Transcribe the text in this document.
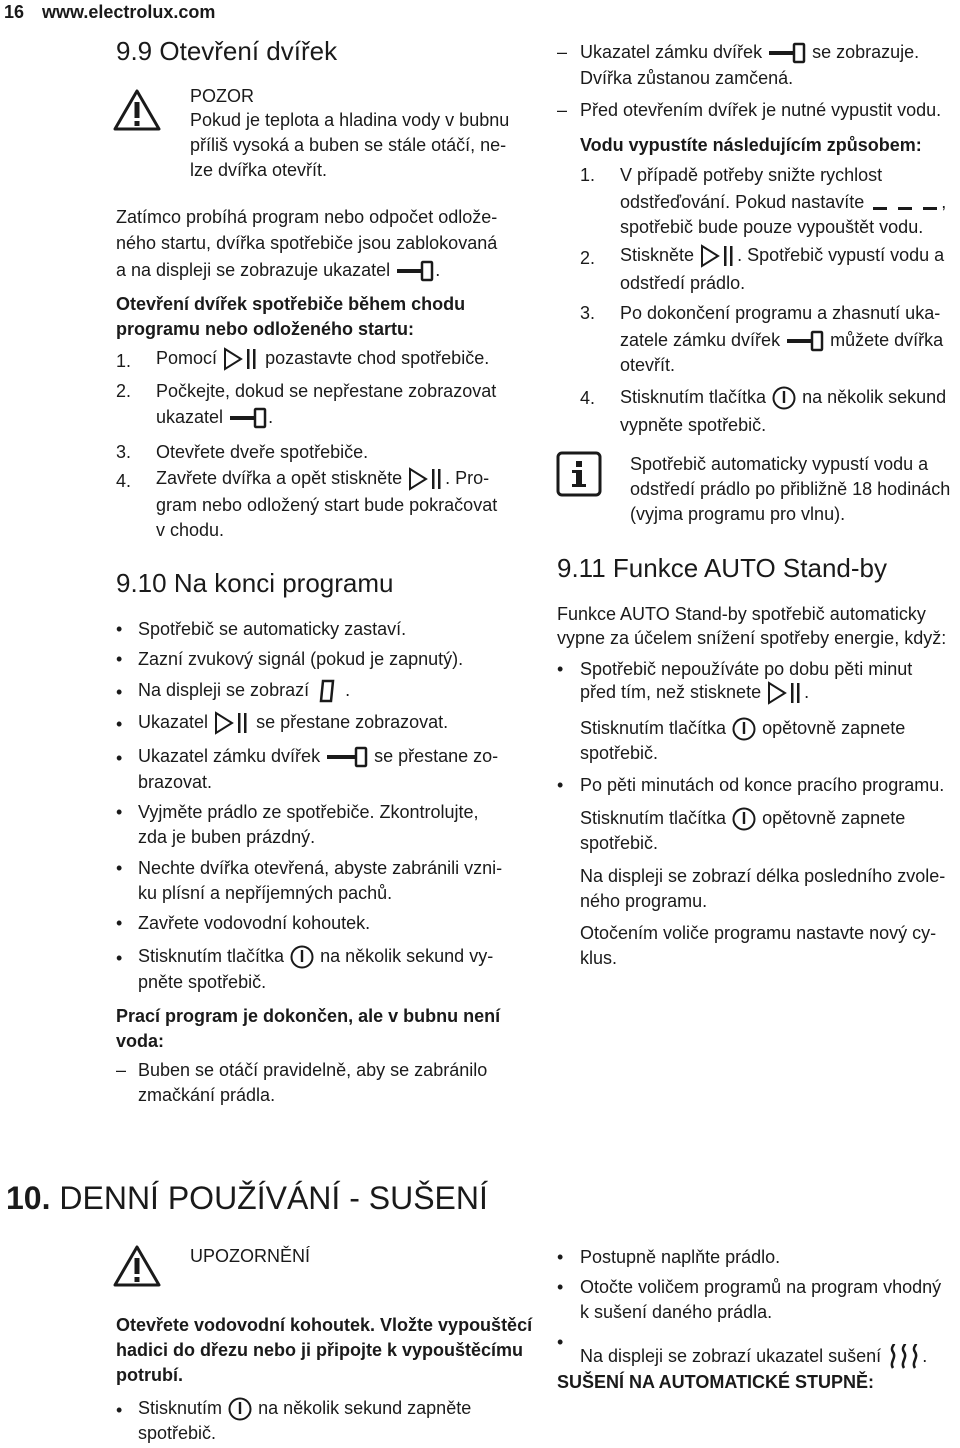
16 www.electrolux.com
9.9 Otevření dvířek
POZOR
Pokud je teplota a hladina vody v bubnu
příliš vysoká a buben se stále otáčí, ne-
lze dvířka otevřít.
Zatímco probíhá program nebo odpočet odlože-
ného startu, dvířka spotřebiče jsou zablokovaná
a na displeji se zobrazuje ukazatel	.
Otevření dvířek spotřebiče během chodu
programu nebo odloženého startu:
1. Pomocí	pozastavte chod spotřebiče.
2. Počkejte, dokud se nepřestane zobrazovat
ukazatel	.
3. Otevřete dveře spotřebiče.
4. Zavřete dvířka a opět stiskněte . Pro-
gram nebo odložený start bude pokračovat
v chodu.
9.10 Na konci programu
• Spotřebič se automaticky zastaví.
• Zazní zvukový signál (pokud je zapnutý).
• Na displeji se zobrazí .
• Ukazatel	se přestane zobrazovat.
• Ukazatel zámku dvířek	se přestane zo-
brazovat.
• Vyjměte prádlo ze spotřebiče. Zkontrolujte,
zda je buben prázdný.
• Nechte dvířka otevřená, abyste zabránili vzni-
ku plísní a nepříjemných pachů.
• Zavřete vodovodní kohoutek.
• Stisknutím tlačítka na několik sekund vy-
pněte spotřebič.
Prací program je dokončen, ale v bubnu není
voda:
– Buben se otáčí pravidelně, aby se zabránilo
zmačkání prádla.
– Ukazatel zámku dvířek	se zobrazuje.
Dvířka zůstanou zamčená.
– Před otevřením dvířek je nutné vypustit vodu.
Vodu vypustíte následujícím způsobem:
1. V případě potřeby snižte rychlost
odstřeďování. Pokud nastavíte	,
spotřebič bude pouze vypouštět vodu.
2. Stiskněte . Spotřebič vypustí vodu a
odstředí prádlo.
3. Po dokončení programu a zhasnutí uka-
zatele zámku dvířek	můžete dvířka
otevřít.
4. Stisknutím tlačítka na několik sekund
vypněte spotřebič.
Spotřebič automaticky vypustí vodu a
odstředí prádlo po přibližně 18 hodinách
(vyjma programu pro vlnu).
9.11 Funkce AUTO Stand-by
Funkce AUTO Stand-by spotřebič automaticky
vypne za účelem snížení spotřeby energie, když:
• Spotřebič nepoužíváte po dobu pěti minut
před tím, než stisknete .
Stisknutím tlačítka opětovně zapnete
spotřebič.
• Po pěti minutách od konce pracího programu.
Stisknutím tlačítka opětovně zapnete
spotřebič.
Na displeji se zobrazí délka posledního zvole-
ného programu.
Otočením voliče programu nastavte nový cy-
klus.
10. DENNÍ POUŽÍVÁNÍ - SUŠENÍ
UPOZORNĚNÍ
Otevřete vodovodní kohoutek. Vložte vypouštěcí
hadici do dřezu nebo ji připojte k vypouštěcímu
potrubí.
• Stisknutím na několik sekund zapněte
spotřebič.
• Postupně naplňte prádlo.
• Otočte voličem programů na program vhodný
k sušení daného prádla.
•
Na displeji se zobrazí ukazatel sušení .
SUŠENÍ NA AUTOMATICKÉ STUPNĚ:
